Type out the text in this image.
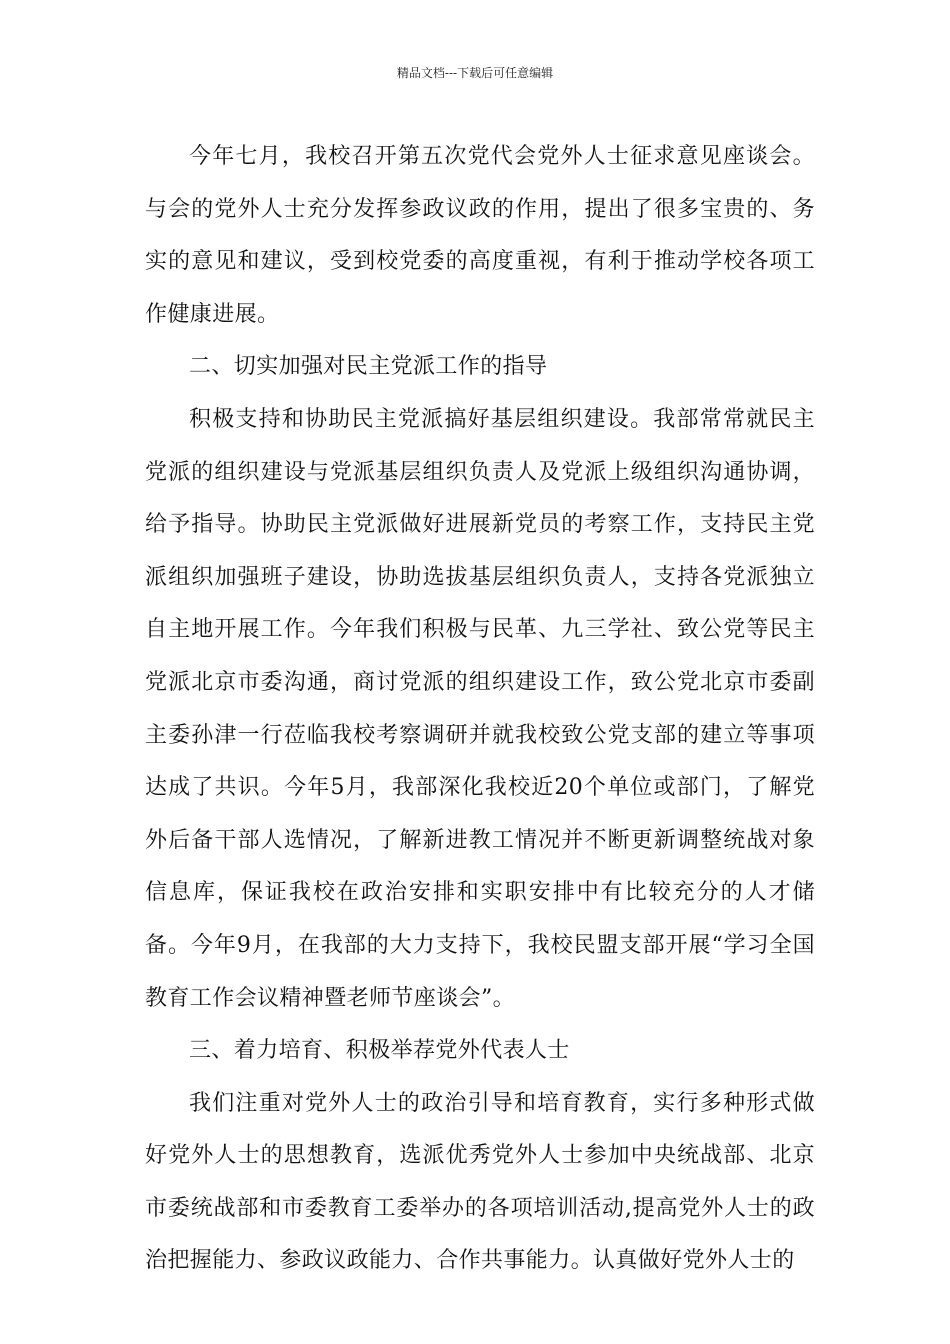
精品文档---下载后可任意编辑

今年七月，我校召开第五次党代会党外人士征求意见座谈会。与会的党外人士充分发挥参政议政的作用，提出了很多宝贵的、务实的意见和建议，受到校党委的高度重视，有利于推动学校各项工作健康进展。

二、切实加强对民主党派工作的指导

积极支持和协助民主党派搞好基层组织建设。我部常常就民主党派的组织建设与党派基层组织负责人及党派上级组织沟通协调，给予指导。协助民主党派做好进展新党员的考察工作，支持民主党派组织加强班子建设，协助选拔基层组织负责人，支持各党派独立自主地开展工作。今年我们积极与民革、九三学社、致公党等民主党派北京市委沟通，商讨党派的组织建设工作，致公党北京市委副主委孙津一行莅临我校考察调研并就我校致公党支部的建立等事项达成了共识。今年5月，我部深化我校近20个单位或部门，了解党外后备干部人选情况，了解新进教工情况并不断更新调整统战对象信息库，保证我校在政治安排和实职安排中有比较充分的人才储备。今年9月，在我部的大力支持下，我校民盟支部开展“学习全国教育工作会议精神暨老师节座谈会”。

三、着力培育、积极举荐党外代表人士

我们注重对党外人士的政治引导和培育教育，实行多种形式做好党外人士的思想教育，选派优秀党外人士参加中央统战部、北京市委统战部和市委教育工委举办的各项培训活动,提高党外人士的政治把握能力、参政议政能力、合作共事能力。认真做好党外人士的
